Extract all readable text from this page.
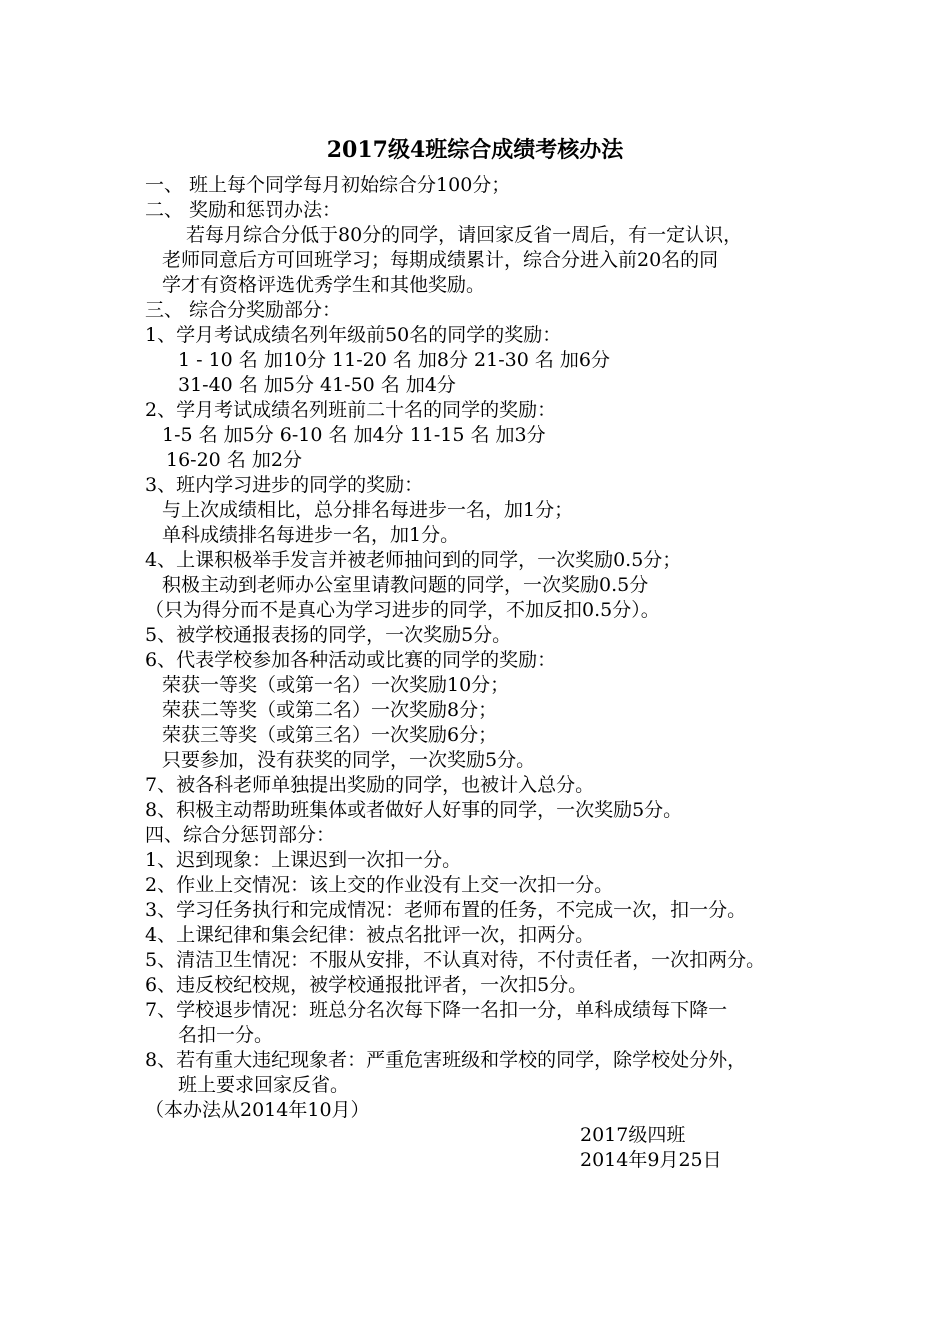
2017级4班综合成绩考核办法
一、 班上每个同学每月初始综合分100分；
二、 奖励和惩罚办法：
若每月综合分低于80分的同学，请回家反省一周后，有一定认识，
老师同意后方可回班学习；每期成绩累计，综合分进入前20名的同
学才有资格评选优秀学生和其他奖励。
三、 综合分奖励部分：
1、学月考试成绩名列年级前50名的同学的奖励：
1 - 10 名 加10分 11-20 名 加8分 21-30 名 加6分
31-40 名 加5分 41-50 名 加4分
2、学月考试成绩名列班前二十名的同学的奖励：
1-5 名 加5分 6-10 名 加4分 11-15 名 加3分
16-20 名 加2分
3、班内学习进步的同学的奖励：
与上次成绩相比，总分排名每进步一名，加1分；
单科成绩排名每进步一名，加1分。
4、上课积极举手发言并被老师抽问到的同学，一次奖励0.5分；
积极主动到老师办公室里请教问题的同学，一次奖励0.5分
（只为得分而不是真心为学习进步的同学，不加反扣0.5分）。
5、被学校通报表扬的同学，一次奖励5分。
6、代表学校参加各种活动或比赛的同学的奖励：
荣获一等奖（或第一名）一次奖励10分；
荣获二等奖（或第二名）一次奖励8分；
荣获三等奖（或第三名）一次奖励6分；
只要参加，没有获奖的同学，一次奖励5分。
7、被各科老师单独提出奖励的同学，也被计入总分。
8、积极主动帮助班集体或者做好人好事的同学，一次奖励5分。
四、综合分惩罚部分：
1、迟到现象：上课迟到一次扣一分。
2、作业上交情况：该上交的作业没有上交一次扣一分。
3、学习任务执行和完成情况：老师布置的任务，不完成一次，扣一分。
4、上课纪律和集会纪律：被点名批评一次，扣两分。
5、清洁卫生情况：不服从安排，不认真对待，不付责任者，一次扣两分。
6、违反校纪校规，被学校通报批评者，一次扣5分。
7、学校退步情况：班总分名次每下降一名扣一分，单科成绩每下降一
名扣一分。
8、若有重大违纪现象者：严重危害班级和学校的同学，除学校处分外，
班上要求回家反省。
（本办法从2014年10月）
2017级四班
2014年9月25日
